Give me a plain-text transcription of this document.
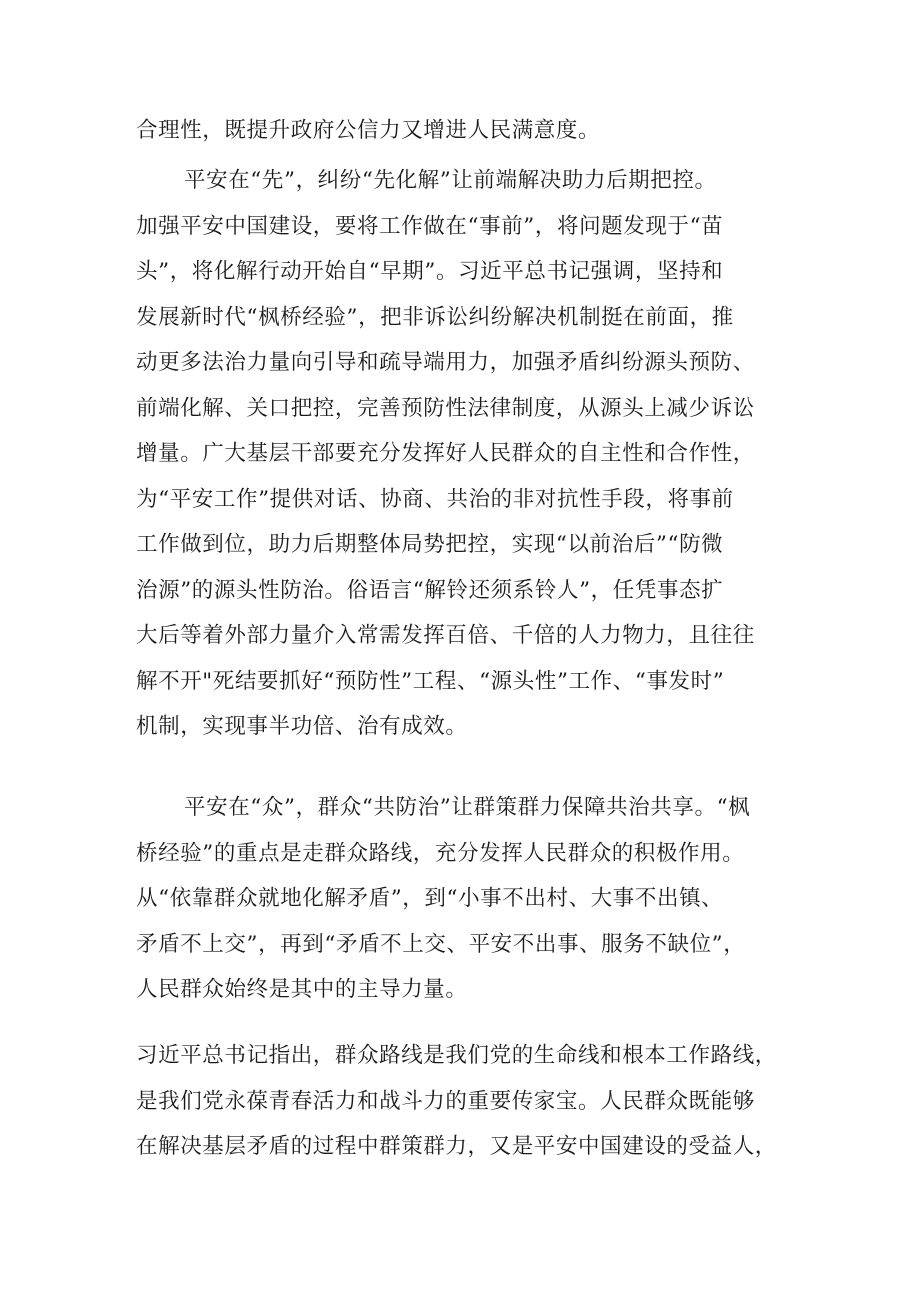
合理性，既提升政府公信力又增进人民满意度。
平安在“先”，纠纷“先化解”让前端解决助力后期把控。
加强平安中国建设，要将工作做在“事前”，将问题发现于“苗
头”，将化解行动开始自“早期”。习近平总书记强调，坚持和
发展新时代“枫桥经验”，把非诉讼纠纷解决机制挺在前面，推
动更多法治力量向引导和疏导端用力，加强矛盾纠纷源头预防、
前端化解、关口把控，完善预防性法律制度，从源头上减少诉讼
增量。广大基层干部要充分发挥好人民群众的自主性和合作性，
为“平安工作”提供对话、协商、共治的非对抗性手段，将事前
工作做到位，助力后期整体局势把控，实现“以前治后”“防微
治源”的源头性防治。俗语言“解铃还须系铃人”，任凭事态扩
大后等着外部力量介入常需发挥百倍、千倍的人力物力，且往往
解不开"死结要抓好“预防性”工程、“源头性”工作、“事发时”
机制，实现事半功倍、治有成效。
平安在“众”，群众“共防治”让群策群力保障共治共享。“枫
桥经验”的重点是走群众路线，充分发挥人民群众的积极作用。
从“依靠群众就地化解矛盾”，到“小事不出村、大事不出镇、
矛盾不上交”，再到“矛盾不上交、平安不出事、服务不缺位”，
人民群众始终是其中的主导力量。
习近平总书记指出，群众路线是我们党的生命线和根本工作路线，
是我们党永葆青春活力和战斗力的重要传家宝。人民群众既能够
在解决基层矛盾的过程中群策群力，又是平安中国建设的受益人，
